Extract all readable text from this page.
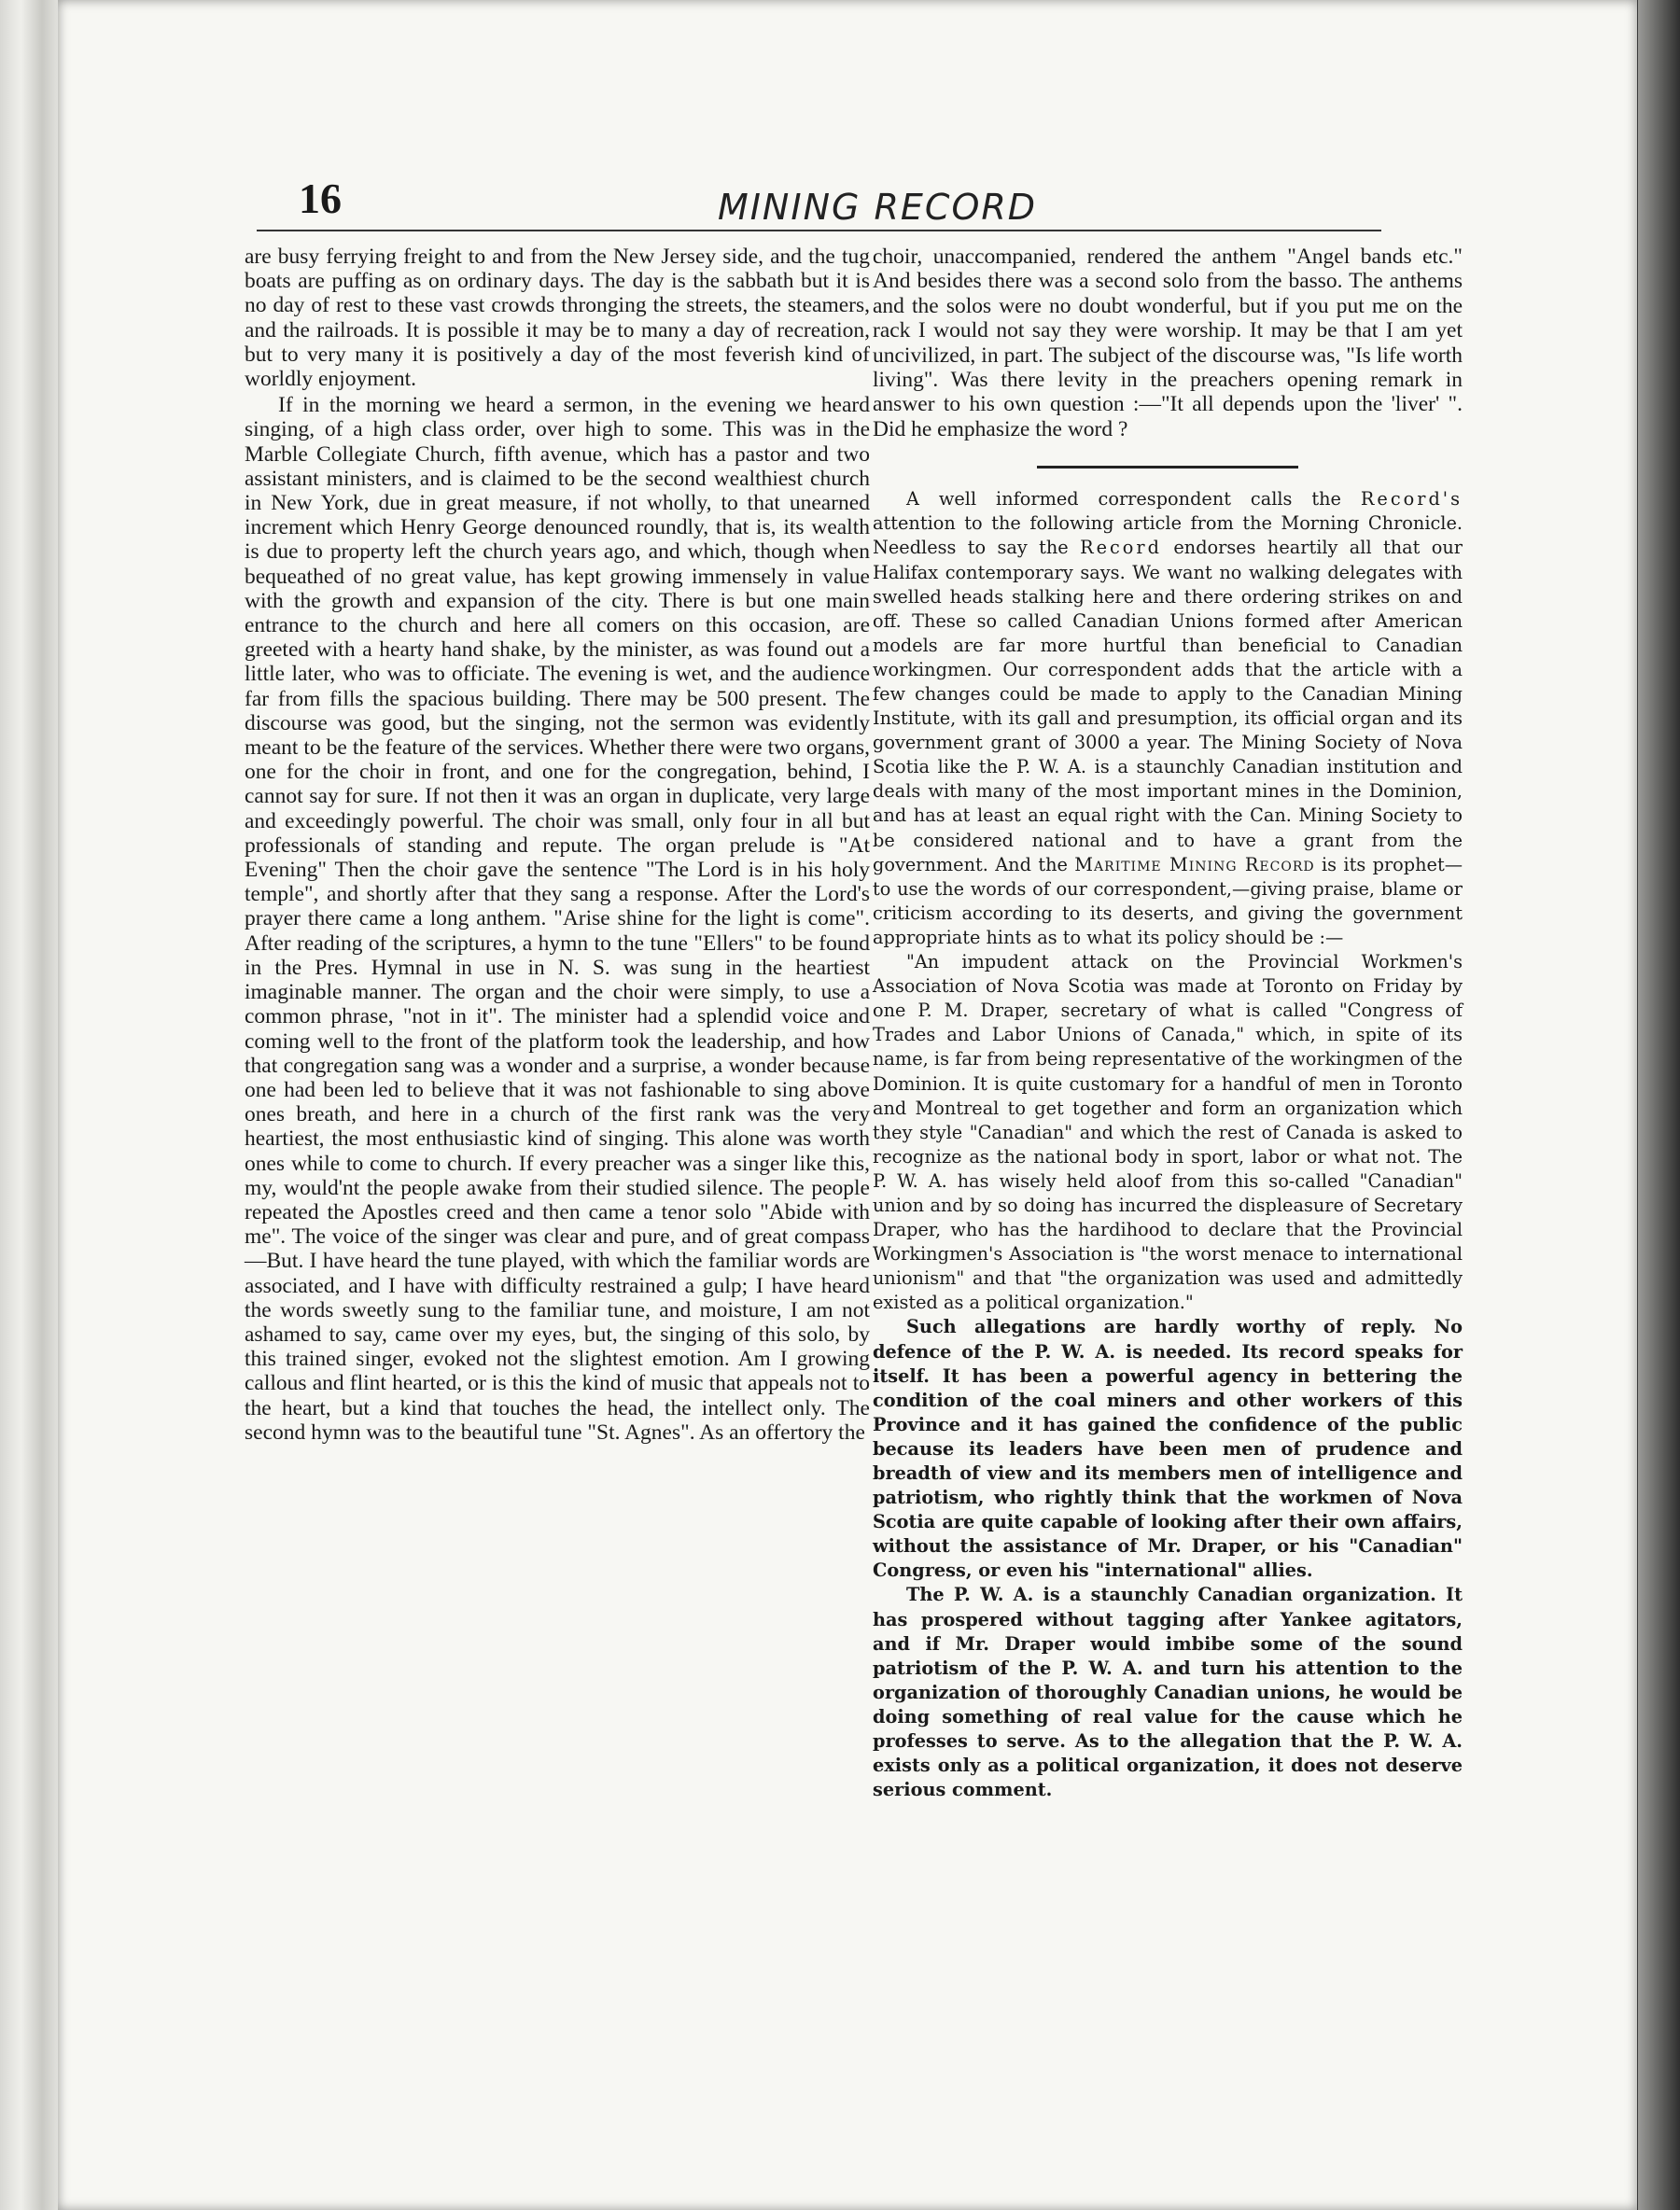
16	MINING RECORD

are busy ferrying freight to and from the New Jersey side, and the tug boats are puffing as on ordinary days. The day is the sabbath but it is no day of rest to these vast crowds thronging the streets, the steamers, and the railroads. It is possible it may be to many a day of recreation, but to very many it is positively a day of the most feverish kind of worldly enjoyment.

If in the morning we heard a sermon, in the evening we heard singing, of a high class order, over high to some. This was in the Marble Collegiate Church, fifth avenue, which has a pastor and two assistant ministers, and is claimed to be the second wealthiest church in New York, due in great measure, if not wholly, to that unearned increment which Henry George denounced roundly, that is, its wealth is due to property left the church years ago, and which, though when bequeathed of no great value, has kept growing immensely in value with the growth and expansion of the city. There is but one main entrance to the church and here all comers on this occasion, are greeted with a hearty hand shake, by the minister, as was found out a little later, who was to officiate. The evening is wet, and the audience far from fills the spacious building. There may be 500 present. The discourse was good, but the singing, not the sermon was evidently meant to be the feature of the services. Whether there were two organs, one for the choir in front, and one for the congregation, behind, I cannot say for sure. If not then it was an organ in duplicate, very large and exceedingly powerful. The choir was small, only four in all but professionals of standing and repute. The organ prelude is "At Evening" Then the choir gave the sentence "The Lord is in his holy temple", and shortly after that they sang a response. After the Lord's prayer there came a long anthem. "Arise shine for the light is come". After reading of the scriptures, a hymn to the tune "Ellers" to be found in the Pres. Hymnal in use in N. S. was sung in the heartiest imaginable manner. The organ and the choir were simply, to use a common phrase, "not in it". The minister had a splendid voice and coming well to the front of the platform took the leadership, and how that congregation sang was a wonder and a surprise, a wonder because one had been led to believe that it was not fashionable to sing above ones breath, and here in a church of the first rank was the very heartiest, the most enthusiastic kind of singing. This alone was worth ones while to come to church. If every preacher was a singer like this, my, would'nt the people awake from their studied silence. The people repeated the Apostles creed and then came a tenor solo "Abide with me". The voice of the singer was clear and pure, and of great compass—But. I have heard the tune played, with which the familiar words are associated, and I have with difficulty restrained a gulp; I have heard the words sweetly sung to the familiar tune, and moisture, I am not ashamed to say, came over my eyes, but, the singing of this solo, by this trained singer, evoked not the slightest emotion. Am I growing callous and flint hearted, or is this the kind of music that appeals not to the heart, but a kind that touches the head, the intellect only. The second hymn was to the beautiful tune "St. Agnes". As an offertory the

choir, unaccompanied, rendered the anthem "Angel bands etc." And besides there was a second solo from the basso. The anthems and the solos were no doubt wonderful, but if you put me on the rack I would not say they were worship. It may be that I am yet uncivilized, in part. The subject of the discourse was, "Is life worth living". Was there levity in the preachers opening remark in answer to his own question :—"It all depends upon the 'liver' ". Did he emphasize the word ?

A well informed correspondent calls the Record's attention to the following article from the Morning Chronicle. Needless to say the Record endorses heartily all that our Halifax contemporary says. We want no walking delegates with swelled heads stalking here and there ordering strikes on and off. These so called Canadian Unions formed after American models are far more hurtful than beneficial to Canadian workingmen. Our correspondent adds that the article with a few changes could be made to apply to the Canadian Mining Institute, with its gall and presumption, its official organ and its government grant of 3000 a year. The Mining Society of Nova Scotia like the P. W. A. is a staunchly Canadian institution and deals with many of the most important mines in the Dominion, and has at least an equal right with the Can. Mining Society to be considered national and to have a grant from the government. And the Maritime Mining Record is its prophet—to use the words of our correspondent,—giving praise, blame or criticism according to its deserts, and giving the government appropriate hints as to what its policy should be :—

"An impudent attack on the Provincial Workmen's Association of Nova Scotia was made at Toronto on Friday by one P. M. Draper, secretary of what is called "Congress of Trades and Labor Unions of Canada," which, in spite of its name, is far from being representative of the workingmen of the Dominion. It is quite customary for a handful of men in Toronto and Montreal to get together and form an organization which they style "Canadian" and which the rest of Canada is asked to recognize as the national body in sport, labor or what not. The P. W. A. has wisely held aloof from this so-called "Canadian" union and by so doing has incurred the displeasure of Secretary Draper, who has the hardihood to declare that the Provincial Workingmen's Association is "the worst menace to international unionism" and that "the organization was used and admittedly existed as a political organization."

Such allegations are hardly worthy of reply. No defence of the P. W. A. is needed. Its record speaks for itself. It has been a powerful agency in bettering the condition of the coal miners and other workers of this Province and it has gained the confidence of the public because its leaders have been men of prudence and breadth of view and its members men of intelligence and patriotism, who rightly think that the workmen of Nova Scotia are quite capable of looking after their own affairs, without the assistance of Mr. Draper, or his "Canadian" Congress, or even his "international" allies.

The P. W. A. is a staunchly Canadian organization. It has prospered without tagging after Yankee agitators, and if Mr. Draper would imbibe some of the sound patriotism of the P. W. A. and turn his attention to the organization of thoroughly Canadian unions, he would be doing something of real value for the cause which he professes to serve. As to the allegation that the P. W. A. exists only as a political organization, it does not deserve serious comment.
